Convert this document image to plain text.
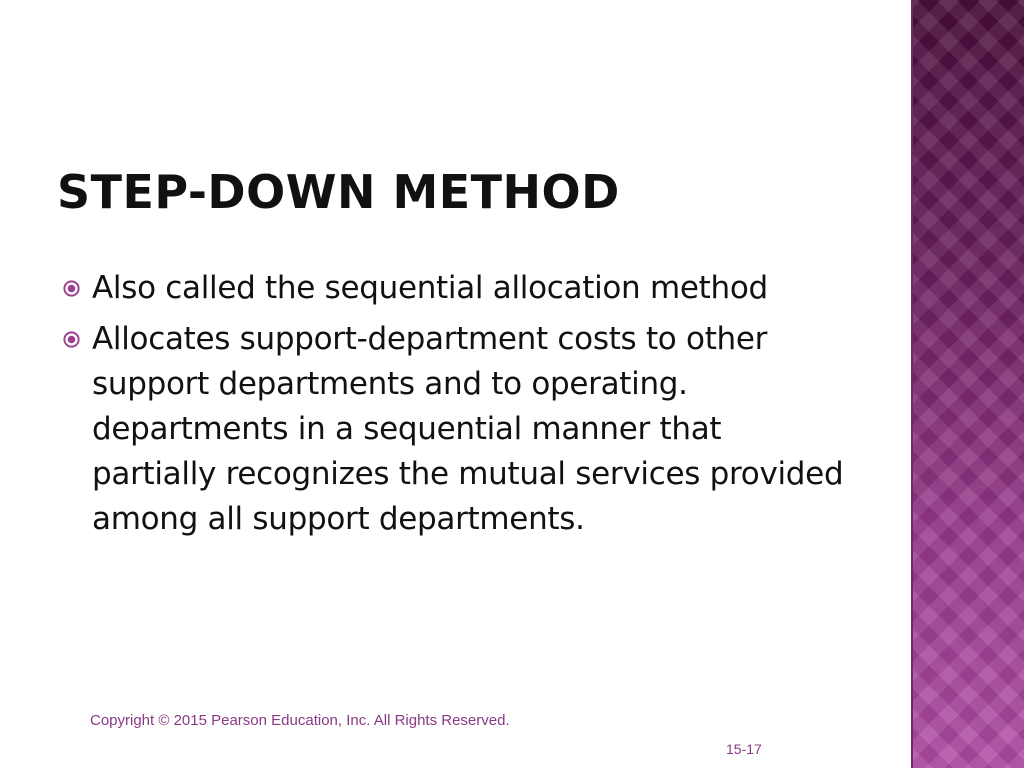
STEP-DOWN METHOD
Also called the sequential allocation method
Allocates support-department costs to other support departments and to operating. departments in a sequential manner that partially recognizes the mutual services provided among all support departments.
Copyright © 2015 Pearson Education, Inc. All Rights Reserved.
15-17
